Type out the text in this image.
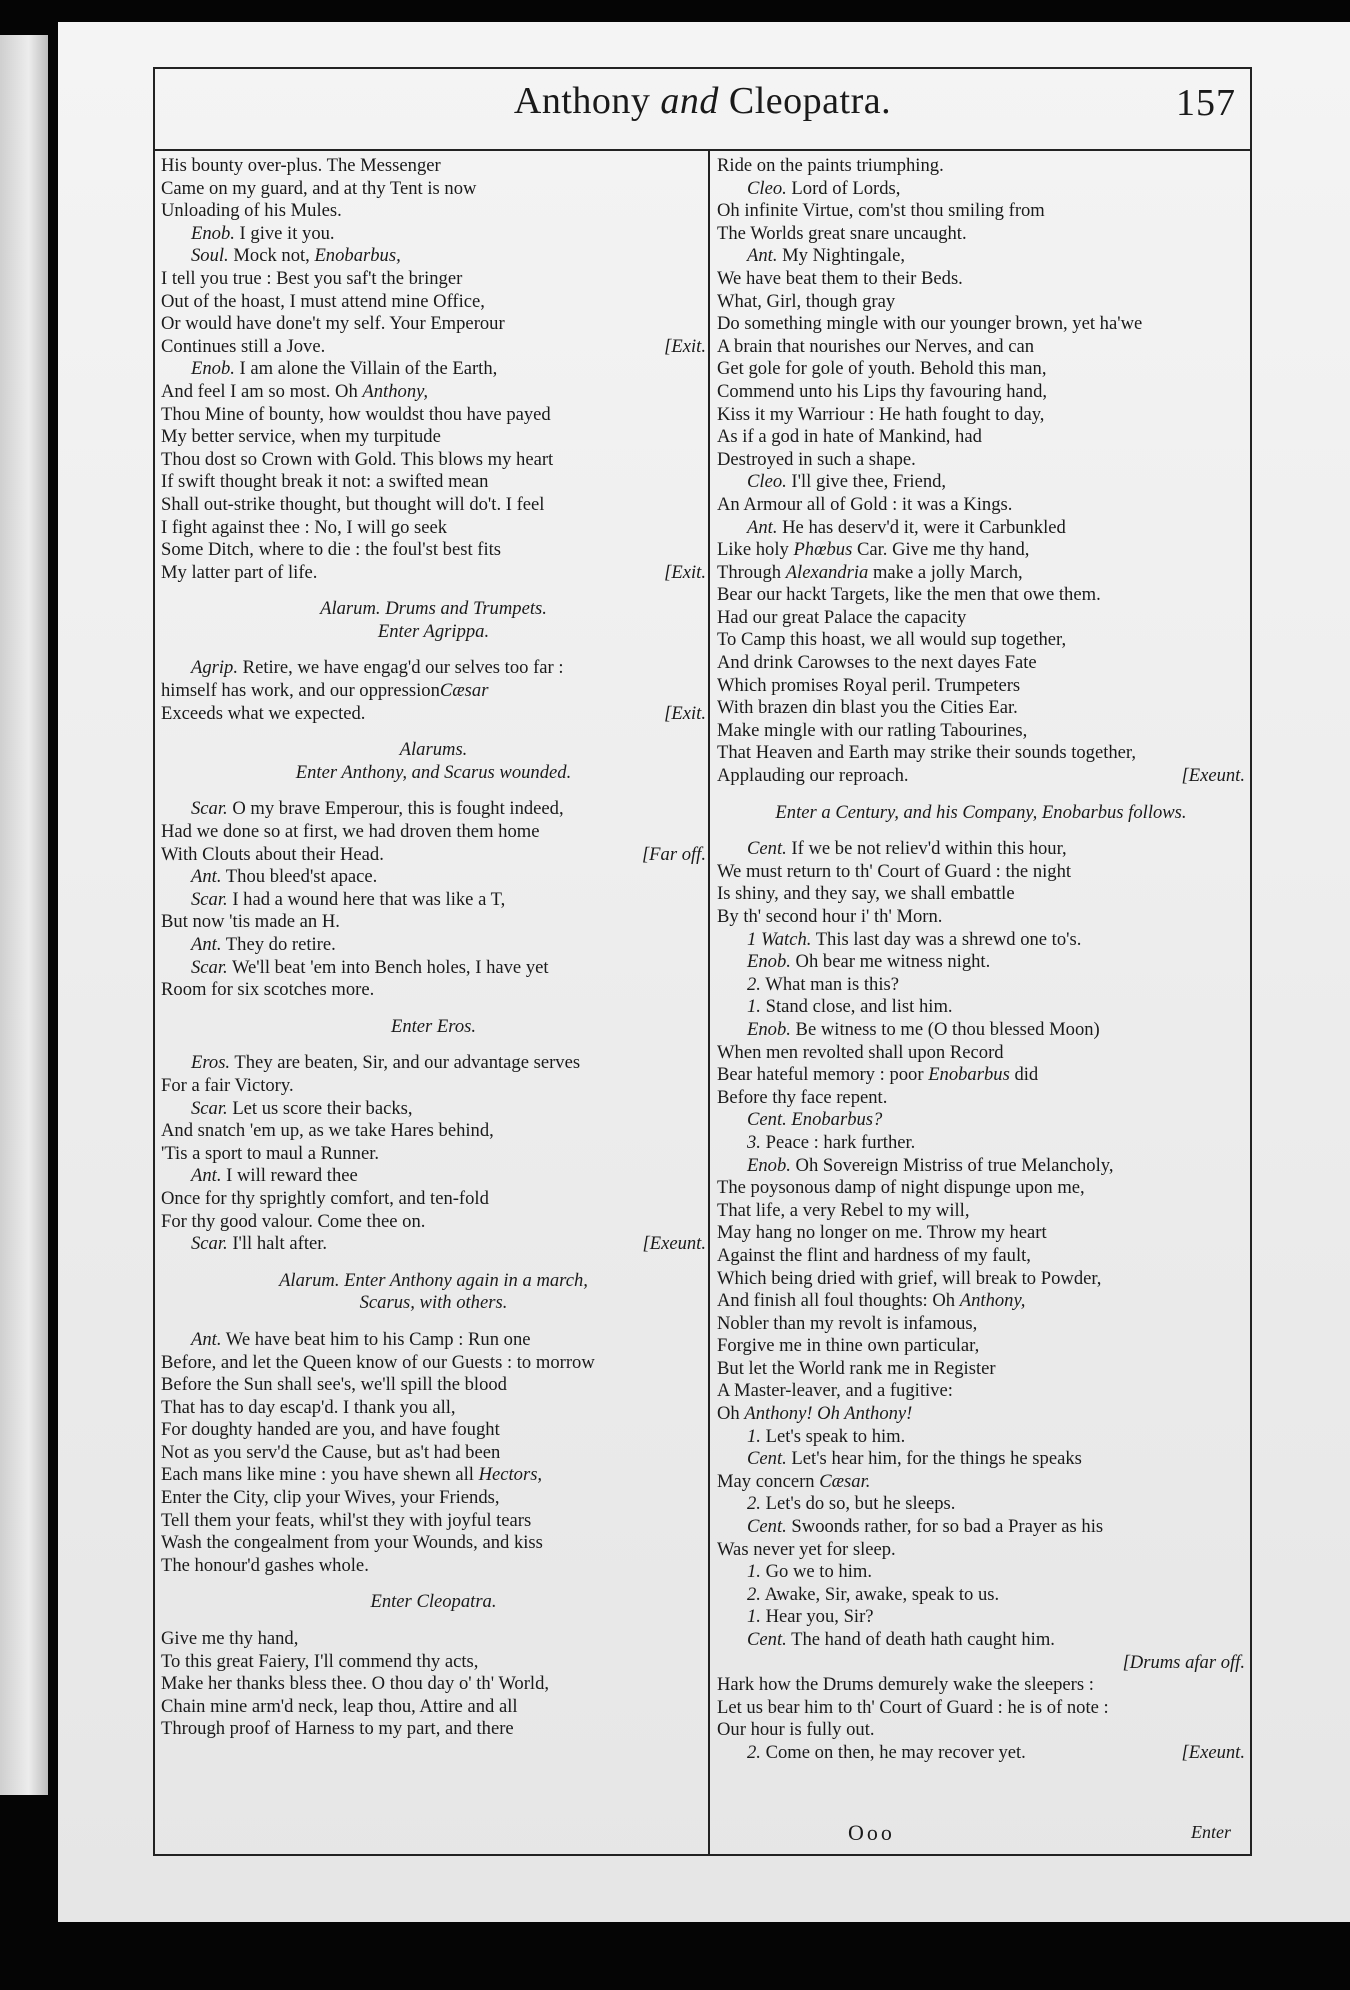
Anthony and Cleopatra.	157
His bounty over-plus. The Messenger
Came on my guard, and at thy Tent is now
Unloading of his Mules.
Enob. I give it you.
Soul. Mock not, Enobarbus,
I tell you true : Best you saf't the bringer
Out of the hoast, I must attend mine Office,
Or would have done't my self. Your Emperour
Continues still a Jove.	[Exit.
Enob. I am alone the Villain of the Earth,
And feel I am so most. Oh Anthony,
Thou Mine of bounty, how wouldst thou have payed
My better service, when my turpitude
Thou dost so Crown with Gold. This blows my heart
If swift thought break it not: a swifted mean
Shall out-strike thought, but thought will do't. I feel
I fight against thee : No, I will go seek
Some Ditch, where to die : the foul'st best fits
My latter part of life.	[Exit.
Alarum. Drums and Trumpets.
Enter Agrippa.
Agrip. Retire, we have engag'd our selves too far :
himself has work, and our oppressionCæsar
Exceeds what we expected.	[Exit.
Alarums.
Enter Anthony, and Scarus wounded.
Scar. O my brave Emperour, this is fought indeed,
Had we done so at first, we had droven them home
With Clouts about their Head.	[Far off.
Ant. Thou bleed'st apace.
Scar. I had a wound here that was like a T,
But now 'tis made an H.
Ant. They do retire.
Scar. We'll beat 'em into Bench holes, I have yet
Room for six scotches more.
Enter Eros.
Eros. They are beaten, Sir, and our advantage serves
For a fair Victory.
Scar. Let us score their backs,
And snatch 'em up, as we take Hares behind,
'Tis a sport to maul a Runner.
Ant. I will reward thee
Once for thy sprightly comfort, and ten-fold
For thy good valour. Come thee on.
Scar. I'll halt after.	[Exeunt.
Alarum. Enter Anthony again in a march,
Scarus, with others.
Ant. We have beat him to his Camp : Run one
Before, and let the Queen know of our Guests : to morrow
Before the Sun shall see's, we'll spill the blood
That has to day escap'd. I thank you all,
For doughty handed are you, and have fought
Not as you serv'd the Cause, but as't had been
Each mans like mine : you have shewn all Hectors,
Enter the City, clip your Wives, your Friends,
Tell them your feats, whil'st they with joyful tears
Wash the congealment from your Wounds, and kiss
The honour'd gashes whole.
Enter Cleopatra.
Give me thy hand,
To this great Faiery, I'll commend thy acts,
Make her thanks bless thee. O thou day o' th' World,
Chain mine arm'd neck, leap thou, Attire and all
Through proof of Harness to my part, and there
Ride on the paints triumphing.
Cleo. Lord of Lords,
Oh infinite Virtue, com'st thou smiling from
The Worlds great snare uncaught.
Ant. My Nightingale,
We have beat them to their Beds.
What, Girl, though gray
Do something mingle with our younger brown, yet ha'we
A brain that nourishes our Nerves, and can
Get gole for gole of youth. Behold this man,
Commend unto his Lips thy favouring hand,
Kiss it my Warriour : He hath fought to day,
As if a god in hate of Mankind, had
Destroyed in such a shape.
Cleo. I'll give thee, Friend,
An Armour all of Gold : it was a Kings.
Ant. He has deserv'd it, were it Carbunkled
Like holy Phœbus Car. Give me thy hand,
Through Alexandria make a jolly March,
Bear our hackt Targets, like the men that owe them.
Had our great Palace the capacity
To Camp this hoast, we all would sup together,
And drink Carowses to the next dayes Fate
Which promises Royal peril. Trumpeters
With brazen din blast you the Cities Ear.
Make mingle with our ratling Tabourines,
That Heaven and Earth may strike their sounds together,
Applauding our reproach.	[Exeunt.
Enter a Century, and his Company, Enobarbus follows.
Cent. If we be not reliev'd within this hour,
We must return to th' Court of Guard : the night
Is shiny, and they say, we shall embattle
By th' second hour i' th' Morn.
1 Watch. This last day was a shrewd one to's.
Enob. Oh bear me witness night.
2. What man is this?
1. Stand close, and list him.
Enob. Be witness to me (O thou blessed Moon)
When men revolted shall upon Record
Bear hateful memory : poor Enobarbus did
Before thy face repent.
Cent. Enobarbus?
3. Peace : hark further.
Enob. Oh Sovereign Mistriss of true Melancholy,
The poysonous damp of night dispunge upon me,
That life, a very Rebel to my will,
May hang no longer on me. Throw my heart
Against the flint and hardness of my fault,
Which being dried with grief, will break to Powder,
And finish all foul thoughts: Oh Anthony,
Nobler than my revolt is infamous,
Forgive me in thine own particular,
But let the World rank me in Register
A Master-leaver, and a fugitive:
Oh Anthony! Oh Anthony!
1. Let's speak to him.
Cent. Let's hear him, for the things he speaks
May concern Cæsar.
2. Let's do so, but he sleeps.
Cent. Swoonds rather, for so bad a Prayer as his
Was never yet for sleep.
1. Go we to him.
2. Awake, Sir, awake, speak to us.
1. Hear you, Sir?
Cent. The hand of death hath caught him.
[Drums afar off.
Hark how the Drums demurely wake the sleepers :
Let us bear him to th' Court of Guard : he is of note :
Our hour is fully out.
2. Come on then, he may recover yet.	[Exeunt.
Ooo	Enter
